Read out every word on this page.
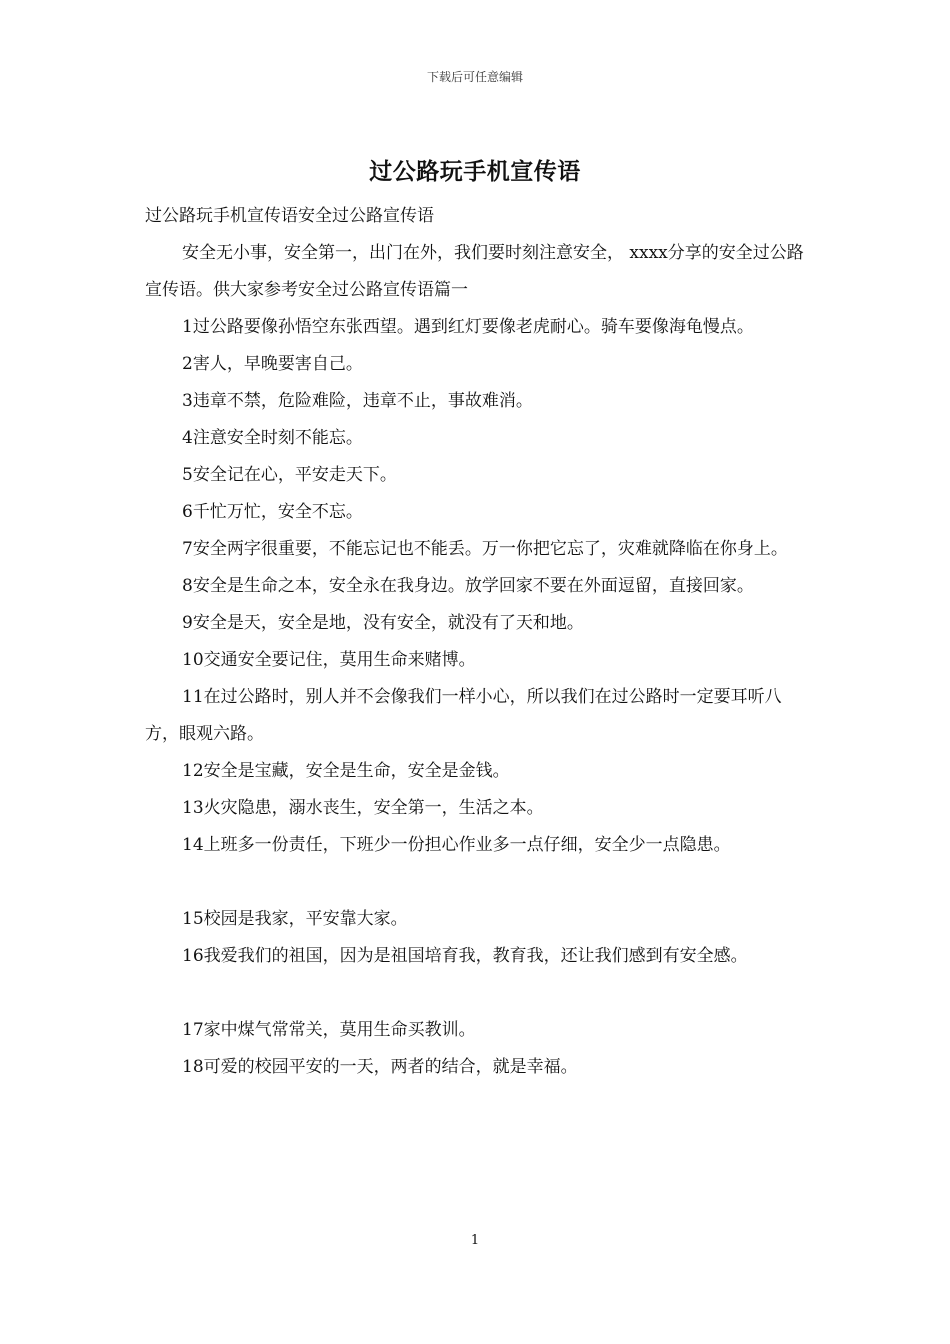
下载后可任意编辑
过公路玩手机宣传语

过公路玩手机宣传语安全过公路宣传语

安全无小事，安全第一，出门在外，我们要时刻注意安全， xxxx分享的安全过公路宣传语。供大家参考安全过公路宣传语篇一

1过公路要像孙悟空东张西望。遇到红灯要像老虎耐心。骑车要像海龟慢点。

2害人，早晚要害自己。

3违章不禁，危险难险，违章不止，事故难消。

4注意安全时刻不能忘。

5安全记在心，平安走天下。

6千忙万忙，安全不忘。

7安全两字很重要，不能忘记也不能丢。万一你把它忘了，灾难就降临在你身上。

8安全是生命之本，安全永在我身边。放学回家不要在外面逗留，直接回家。

9安全是天，安全是地，没有安全，就没有了天和地。

10交通安全要记住，莫用生命来赌博。

11在过公路时，别人并不会像我们一样小心，所以我们在过公路时一定要耳听八方，眼观六路。

12安全是宝藏，安全是生命，安全是金钱。

13火灾隐患，溺水丧生，安全第一，生活之本。

14上班多一份责任，下班少一份担心作业多一点仔细，安全少一点隐患。

15校园是我家，平安靠大家。

16我爱我们的祖国，因为是祖国培育我，教育我，还让我们感到有安全感。

17家中煤气常常关，莫用生命买教训。

18可爱的校园平安的一天，两者的结合，就是幸福。

1
